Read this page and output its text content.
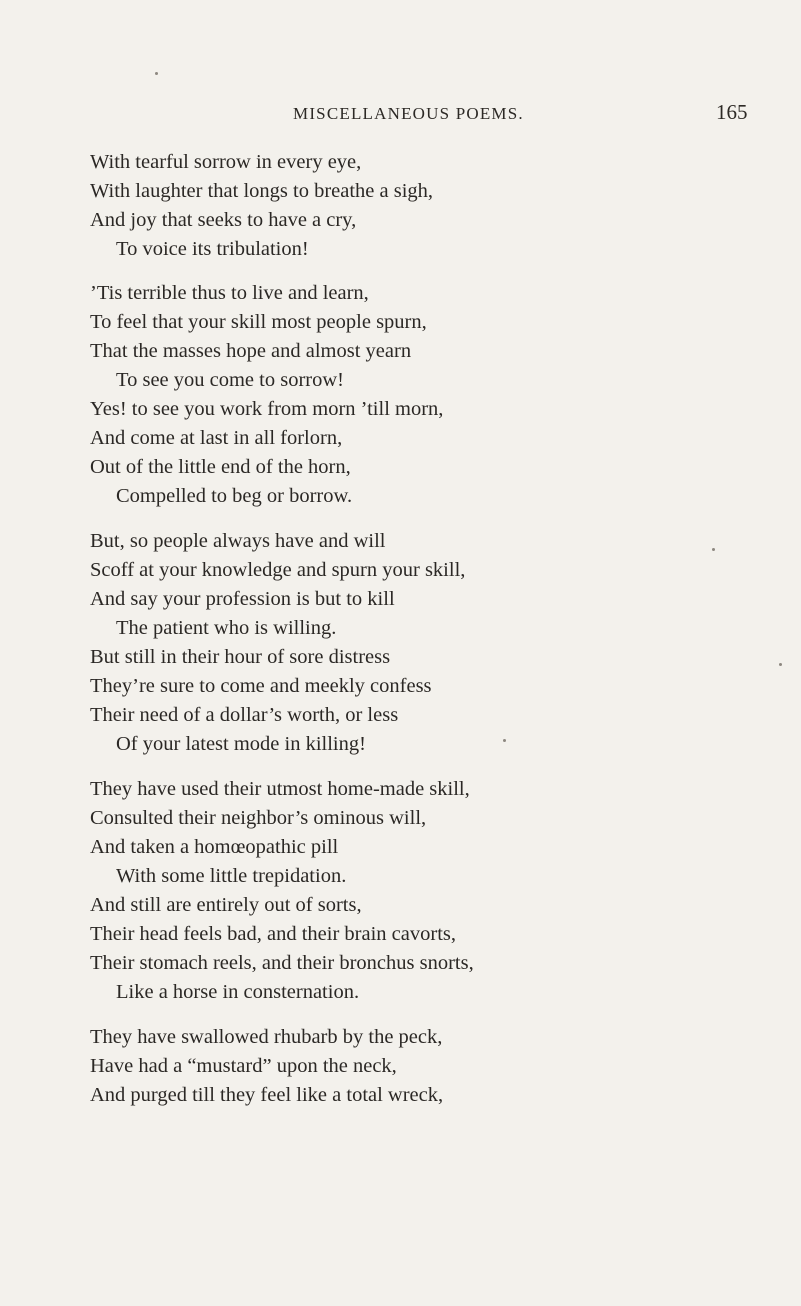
MISCELLANEOUS POEMS.	165
With tearful sorrow in every eye,
With laughter that longs to breathe a sigh,
And joy that seeks to have a cry,
To voice its tribulation!
’Tis terrible thus to live and learn,
To feel that your skill most people spurn,
That the masses hope and almost yearn
To see you come to sorrow!
Yes! to see you work from morn ’till morn,
And come at last in all forlorn,
Out of the little end of the horn,
Compelled to beg or borrow.
But, so people always have and will
Scoff at your knowledge and spurn your skill,
And say your profession is but to kill
The patient who is willing.
But still in their hour of sore distress
They’re sure to come and meekly confess
Their need of a dollar’s worth, or less
Of your latest mode in killing!
They have used their utmost home-made skill,
Consulted their neighbor’s ominous will,
And taken a homœopathic pill
With some little trepidation.
And still are entirely out of sorts,
Their head feels bad, and their brain cavorts,
Their stomach reels, and their bronchus snorts,
Like a horse in consternation.
They have swallowed rhubarb by the peck,
Have had a “mustard” upon the neck,
And purged till they feel like a total wreck,
